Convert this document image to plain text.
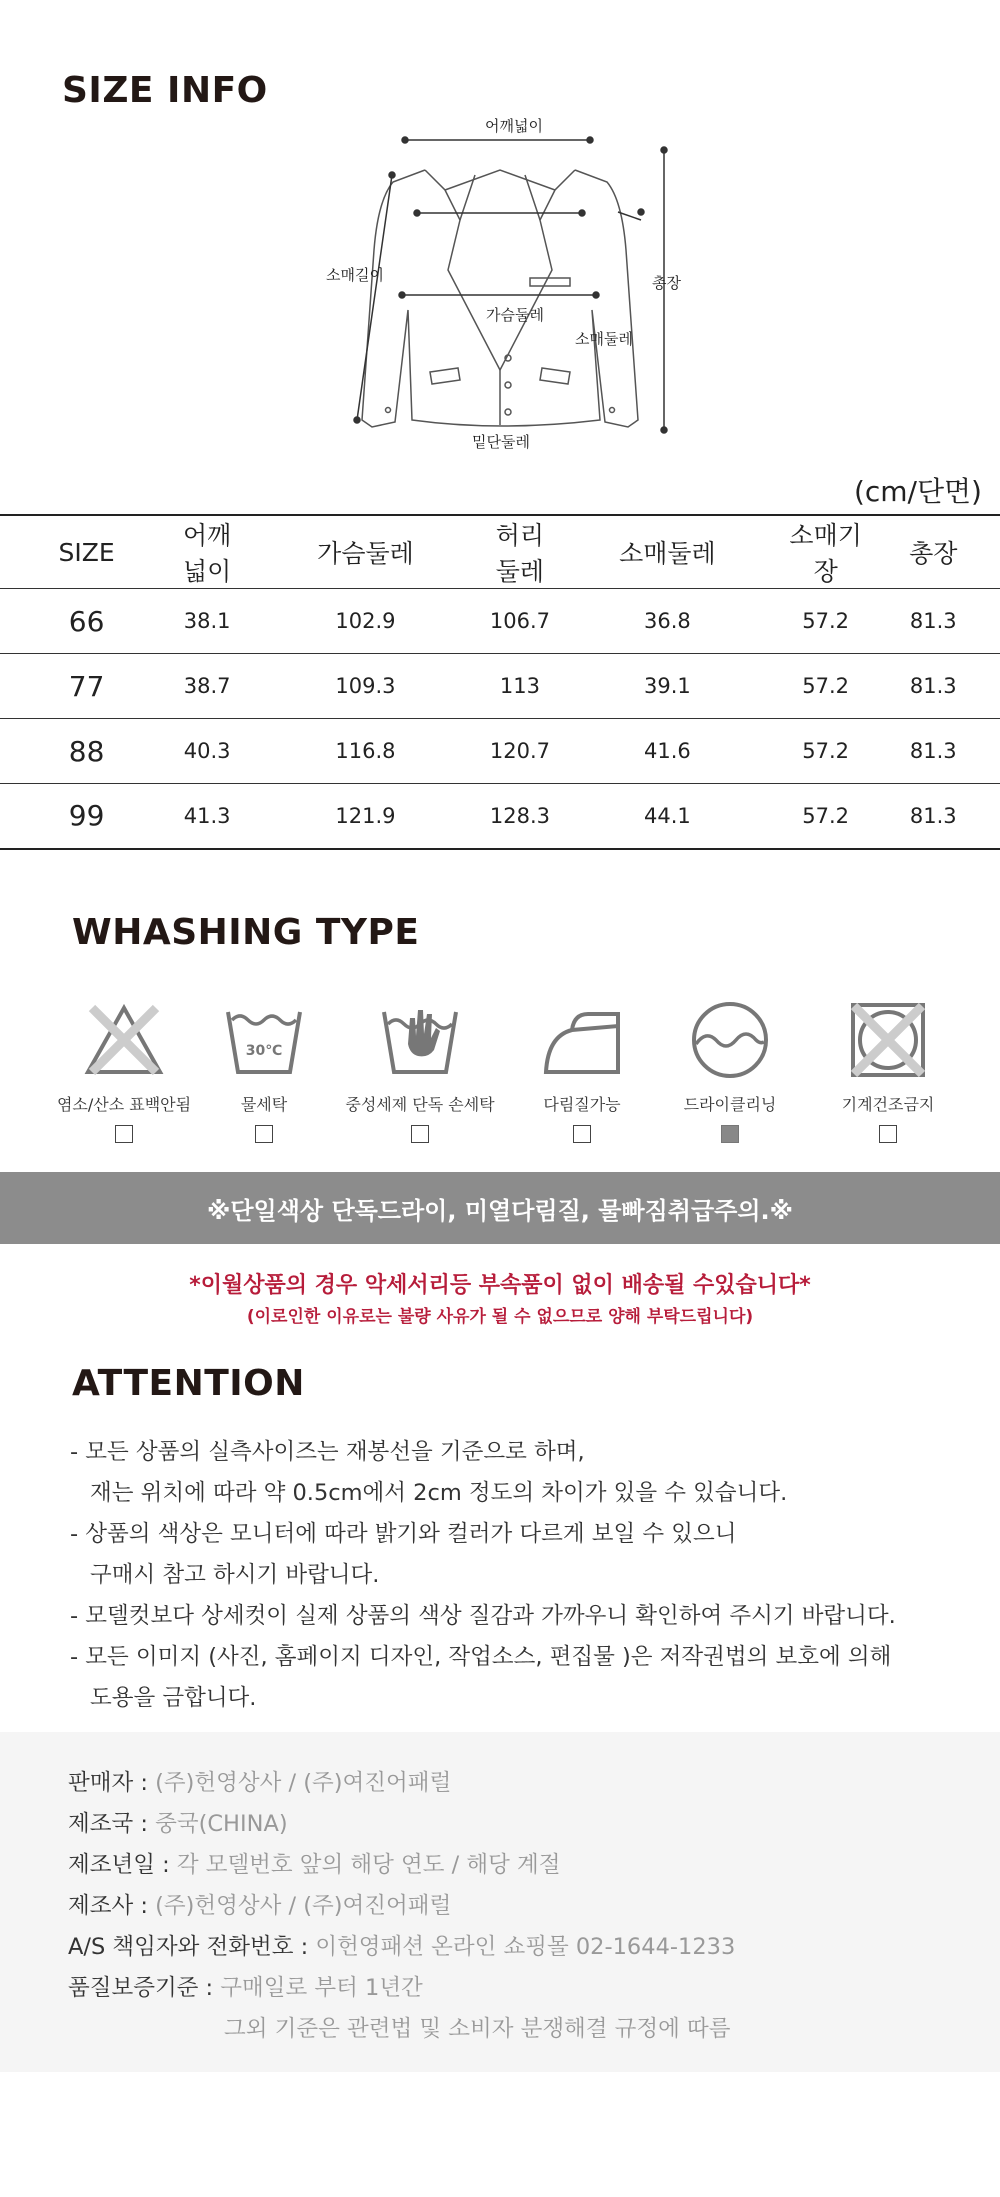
SIZE INFO
어깨넓이
소매길이
가슴둘레
소매둘레
총장
밑단둘레
(cm/단면)
SIZE	어깨넓이	가슴둘레	허리둘레	소매둘레	소매기장	총장
66	38.1	102.9	106.7	36.8	57.2	81.3
77	38.7	109.3	113	39.1	57.2	81.3
88	40.3	116.8	120.7	41.6	57.2	81.3
99	41.3	121.9	128.3	44.1	57.2	81.3
WHASHING TYPE
염소/산소 표백안됨
30℃
물세탁	중성세제 단독 손세탁	다림질가능	드라이클리닝	기계건조금지
※단일색상 단독드라이, 미열다림질, 물빠짐취급주의.※
*이월상품의 경우 악세서리등 부속품이 없이 배송될 수있습니다*
(이로인한 이유로는 불량 사유가 될 수 없으므로 양해 부탁드립니다)
ATTENTION
- 모든 상품의 실측사이즈는 재봉선을 기준으로 하며,
재는 위치에 따라 약 0.5cm에서 2cm 정도의 차이가 있을 수 있습니다.
- 상품의 색상은 모니터에 따라 밝기와 컬러가 다르게 보일 수 있으니
구매시 참고 하시기 바랍니다.
- 모델컷보다 상세컷이 실제 상품의 색상 질감과 가까우니 확인하여 주시기 바랍니다.
- 모든 이미지 (사진, 홈페이지 디자인, 작업소스, 편집물 )은 저작권법의 보호에 의해
도용을 금합니다.
판매자 : (주)헌영상사 / (주)여진어패럴
제조국 : 중국(CHINA)
제조년일 : 각 모델번호 앞의 해당 연도 / 해당 계절
제조사 : (주)헌영상사 / (주)여진어패럴
A/S 책임자와 전화번호 : 이헌영패션 온라인 쇼핑몰 02-1644-1233
품질보증기준 : 구매일로 부터 1년간
그외 기준은 관련법 및 소비자 분쟁해결 규정에 따름
